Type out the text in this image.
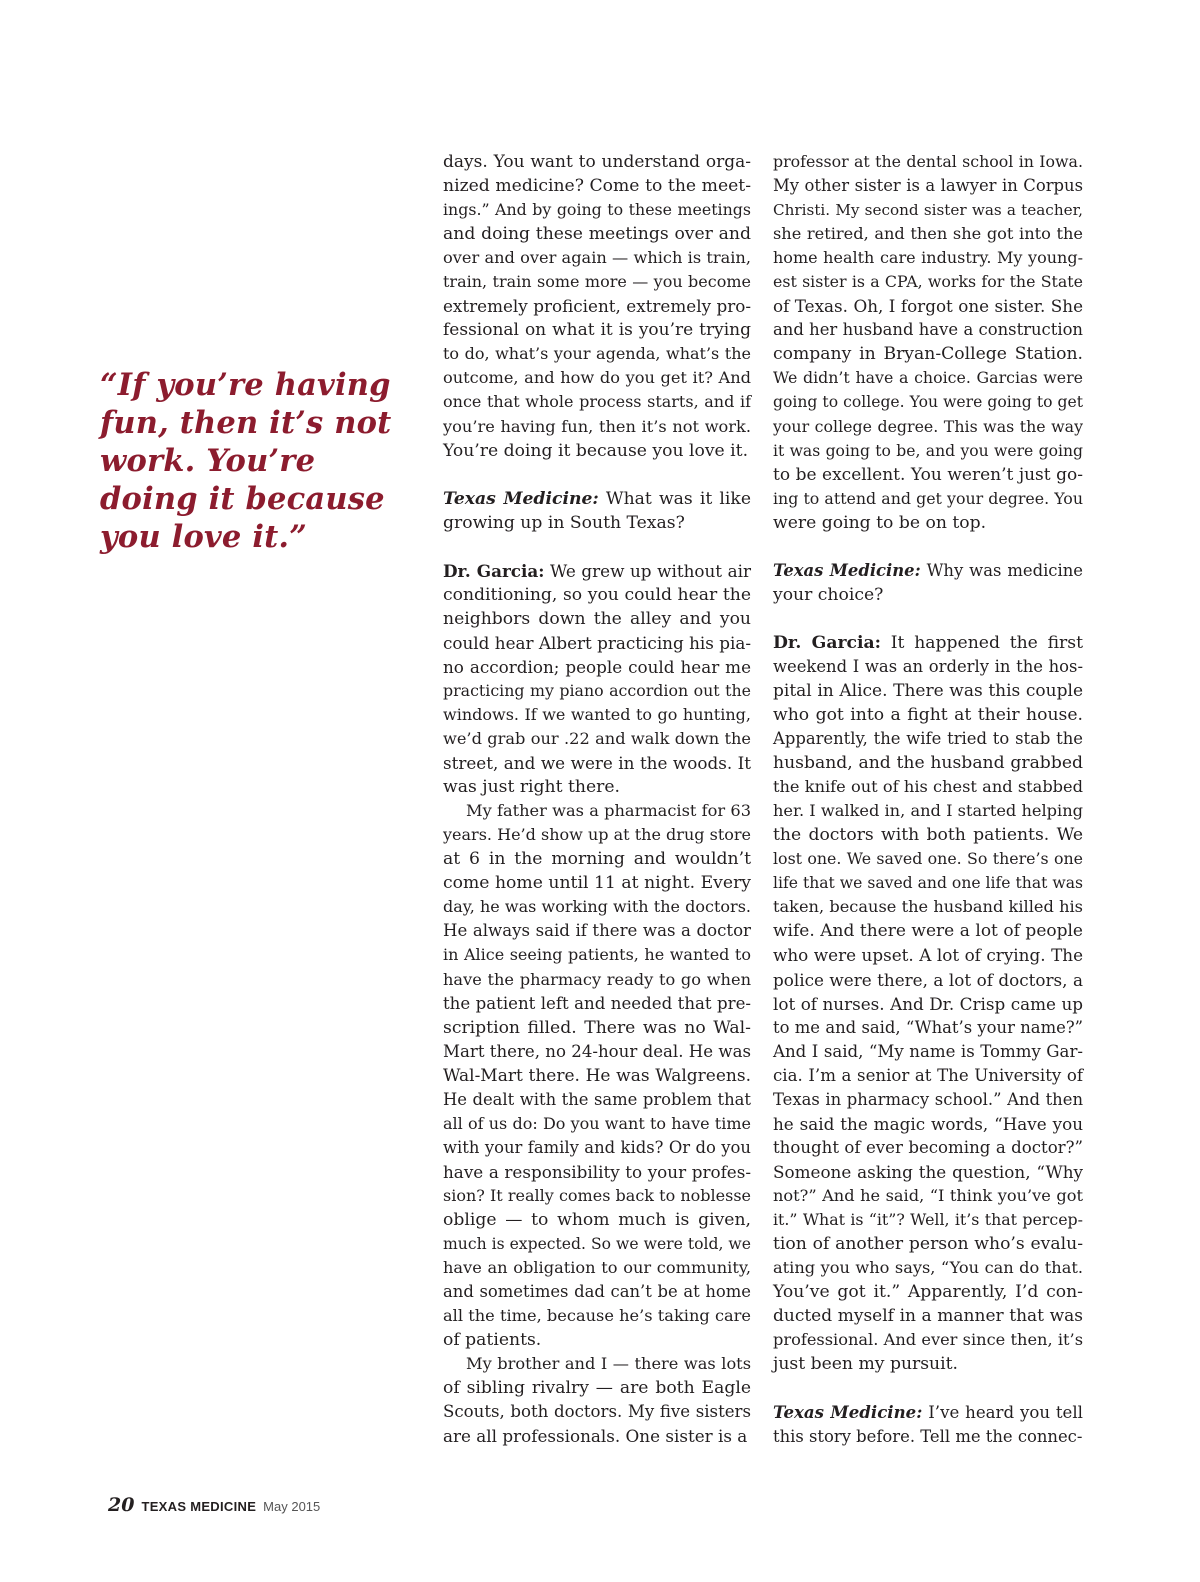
“If you’re having
fun, then it’s not
work. You’re
doing it because
you love it.”

days. You want to understand orga-
nized medicine? Come to the meet-
ings.” And by going to these meetings
and doing these meetings over and
over and over again — which is train,
train, train some more — you become
extremely proficient, extremely pro-
fessional on what it is you’re trying
to do, what’s your agenda, what’s the
outcome, and how do you get it? And
once that whole process starts, and if
you’re having fun, then it’s not work.
You’re doing it because you love it.

Texas Medicine: What was it like
growing up in South Texas?

Dr. Garcia: We grew up without air
conditioning, so you could hear the
neighbors down the alley and you
could hear Albert practicing his pia-
no accordion; people could hear me
practicing my piano accordion out the
windows. If we wanted to go hunting,
we’d grab our .22 and walk down the
street, and we were in the woods. It
was just right there.

My father was a pharmacist for 63
years. He’d show up at the drug store
at 6 in the morning and wouldn’t
come home until 11 at night. Every
day, he was working with the doctors.
He always said if there was a doctor
in Alice seeing patients, he wanted to
have the pharmacy ready to go when
the patient left and needed that pre-
scription filled. There was no Wal-
Mart there, no 24-hour deal. He was
Wal-Mart there. He was Walgreens.
He dealt with the same problem that
all of us do: Do you want to have time
with your family and kids? Or do you
have a responsibility to your profes-
sion? It really comes back to noblesse
oblige — to whom much is given,
much is expected. So we were told, we
have an obligation to our community,
and sometimes dad can’t be at home
all the time, because he’s taking care
of patients.

My brother and I — there was lots
of sibling rivalry — are both Eagle
Scouts, both doctors. My five sisters
are all professionals. One sister is a

professor at the dental school in Iowa.
My other sister is a lawyer in Corpus
Christi. My second sister was a teacher,
she retired, and then she got into the
home health care industry. My young-
est sister is a CPA, works for the State
of Texas. Oh, I forgot one sister. She
and her husband have a construction
company in Bryan-College Station.
We didn’t have a choice. Garcias were
going to college. You were going to get
your college degree. This was the way
it was going to be, and you were going
to be excellent. You weren’t just go-
ing to attend and get your degree. You
were going to be on top.

Texas Medicine: Why was medicine
your choice?

Dr. Garcia: It happened the first
weekend I was an orderly in the hos-
pital in Alice. There was this couple
who got into a fight at their house.
Apparently, the wife tried to stab the
husband, and the husband grabbed
the knife out of his chest and stabbed
her. I walked in, and I started helping
the doctors with both patients. We
lost one. We saved one. So there’s one
life that we saved and one life that was
taken, because the husband killed his
wife. And there were a lot of people
who were upset. A lot of crying. The
police were there, a lot of doctors, a
lot of nurses. And Dr. Crisp came up
to me and said, “What’s your name?”
And I said, “My name is Tommy Gar-
cia. I’m a senior at The University of
Texas in pharmacy school.” And then
he said the magic words, “Have you
thought of ever becoming a doctor?”
Someone asking the question, “Why
not?” And he said, “I think you’ve got
it.” What is “it”? Well, it’s that percep-
tion of another person who’s evalu-
ating you who says, “You can do that.
You’ve got it.” Apparently, I’d con-
ducted myself in a manner that was
professional. And ever since then, it’s
just been my pursuit.

Texas Medicine: I’ve heard you tell
this story before. Tell me the connec-

20 TEXAS MEDICINE May 2015
